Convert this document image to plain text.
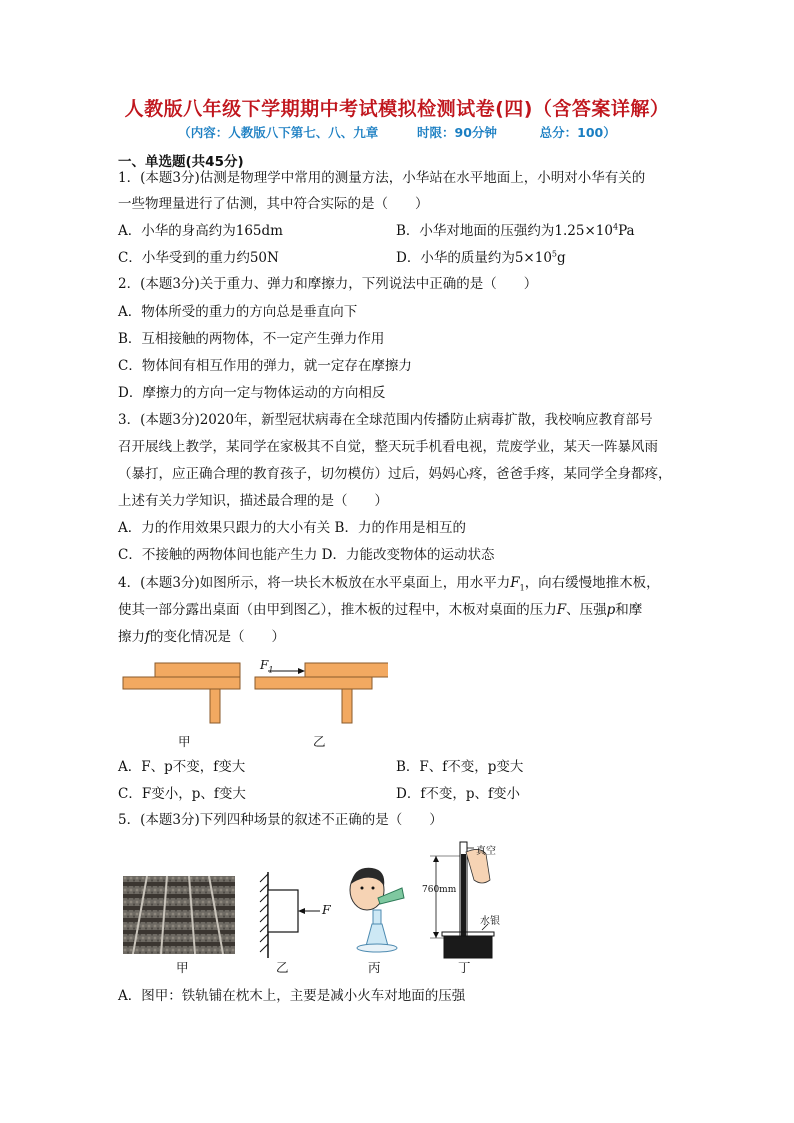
人教版八年级下学期期中考试模拟检测试卷(四)（含答案详解）
（内容：人教版八下第七、八、九章	时限：90分钟	总分：100）
一、单选题(共45分)
1．(本题3分)估测是物理学中常用的测量方法，小华站在水平地面上，小明对小华有关的
一些物理量进行了估测，其中符合实际的是（　　）
A．小华的身高约为165dm	B．小华对地面的压强约为$1.25\times 10^4Pa$
C．小华受到的重力约50N	D．小华的质量约为$5\times 10^5g$
2．(本题3分)关于重力、弹力和摩擦力，下列说法中正确的是（　　）
A．物体所受的重力的方向总是垂直向下
B．互相接触的两物体，不一定产生弹力作用
C．物体间有相互作用的弹力，就一定存在摩擦力
D．摩擦力的方向一定与物体运动的方向相反
3．(本题3分)2020年，新型冠状病毒在全球范围内传播防止病毒扩散，我校响应教育部号
召开展线上教学，某同学在家极其不自觉，整天玩手机看电视，荒废学业，某天一阵暴风雨
（暴打，应正确合理的教育孩子，切勿模仿）过后，妈妈心疼，爸爸手疼，某同学全身都疼，
上述有关力学知识，描述最合理的是（　　）
A．力的作用效果只跟力的大小有关 B．力的作用是相互的
C．不接触的两物体间也能产生力 D．力能改变物体的运动状态
4．(本题3分)如图所示，将一块长木板放在水平桌面上，用水平力$F_1$，向右缓慢地推木板，
使其一部分露出桌面（由甲到图乙），推木板的过程中，木板对桌面的压力F、压强p和摩
擦力f的变化情况是（　　）
$F_1$
甲	乙
A．F、p不变，f变大	B．F、f不变，p变大
C．F变小，p、f变大	D．f不变，p、f变小
5．(本题3分)下列四种场景的叙述不正确的是（　　）
F
真空
760mm
水银
甲	乙	丙	丁
A．图甲：铁轨铺在枕木上，主要是减小火车对地面的压强
